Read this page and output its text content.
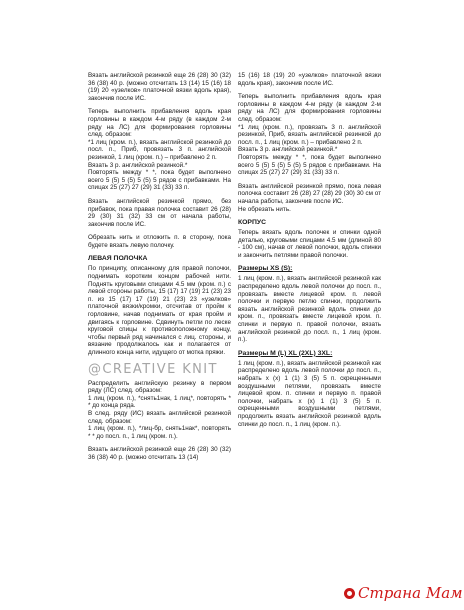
Вязать английской резинкой еще 26 (28) 30 (32) 36 (38) 40 р. (можно отсчитать 13 (14) 15 (16) 18 (19) 20 «узелков» платочной вязки вдоль края), закончив после ИС.

Теперь выполнить прибавления вдоль края горловины в каждом 4-м ряду (в каждом 2-м ряду на ЛС) для формирования горловины след. образом:
*1 лиц (кром. п.), вязать английской резинкой до посл. п., Приб, провязать 3 п. английской резинкой, 1 лиц (кром. п.) – прибавлено 2 п.
Вязать 3 р. английской резинкой.*
Повторять между * *, пока будет выполнено всего 5 (5) 5 (5) 5 (5) 5 рядов с прибавками. На спицах 25 (27) 27 (29) 31 (33) 33 п.

Вязать английской резинкой прямо, без прибавок, пока правая полочка составит 26 (28) 29 (30) 31 (32) 33 см от начала работы, закончив после ИС.

Обрезать нить и отложить п. в сторону, пока будете вязать левую полочку.

ЛЕВАЯ ПОЛОЧКА

По принципу, описанному для правой полочки, поднимать коротким концом рабочей нити. Поднять круговыми спицами 4.5 мм (кром. п.) с левой стороны работы, 15 (17) 17 (19) 21 (23) 23 п. из 15 (17) 17 (19) 21 (23) 23 «узелков» платочной вязки/кромки, отсчитав от пройм к горловине, начав поднимать от края пройм и двигаясь к горловине. Сдвинуть петли по леске круговой спицы к противоположному концу, чтобы первый ряд начинался с лиц. стороны, и вязание продолжалось как и полагается от длинного конца нити, идущего от мотка пряжи.

@CREATIVE KNIT

Распределить английскую резинку в первом ряду (ЛС) след. образом:
1 лиц (кром. п.), *снять1нак, 1 лиц*, повторять * * до конца ряда.
В след. ряду (ИС) вязать английской резинкой след. образом:
1 лиц (кром. п.), *лиц-бр, снять1нак*, повторять * * до посл. п., 1 лиц (кром. п.).

Вязать английской резинкой еще 26 (28) 30 (32) 36 (38) 40 р. (можно отсчитать 13 (14)

15 (16) 18 (19) 20 «узелков» платочной вязки вдоль края), закончив после ИС.

Теперь выполнить прибавления вдоль края горловины в каждом 4-м ряду (в каждом 2-м ряду на ЛС) для формирования горловины след. образом:
*1 лиц (кром. п.), провязать 3 п. английской резинкой, Приб, вязать английской резинкой до посл. п., 1 лиц (кром. п.) – прибавлено 2 п.
Вязать 3 р. английской резинкой.*
Повторять между * *, пока будет выполнено всего 5 (5) 5 (5) 5 (5) 5 рядов с прибавками. На спицах 25 (27) 27 (29) 31 (33) 33 п.

Вязать английской резинкой прямо, пока левая полочка составит 26 (28) 27 (28) 29 (30) 30 см от начала работы, закончив после ИС.
Не обрезать нить.

КОРПУС

Теперь вязать вдоль полочек и спинки одной деталью, круговыми спицами 4.5 мм (длиной 80 - 100 см), начав от левой полочки, вдоль спинки и закончить петлями правой полочки.

Размеры XS (S):

1 лиц (кром. п.), вязать английской резинкой как распределено вдоль левой полочки до посл. п., провязать вместе лицевой кром. п. левой полочки и первую петлю спинки, продолжить вязать английской резинкой вдоль спинки до кром. п., провязать вместе лицевой кром. п. спинки и первую п. правой полочки, вязать английской резинкой до посл. п., 1 лиц (кром. п.).

Размеры M (L) XL (2XL) 3XL:

1 лиц (кром. п.), вязать английской резинкой как распределено вдоль левой полочки до посл. п., набрать х (х) 1 (1) 3 (5) 5 п. скрещенными воздушными петлями, провязать вместе лицевой кром. п. спинки и первую п. правой полочки, набрать х (х) 1 (1) 3 (5) 5 п. скрещенными воздушными петлями, продолжить вязать английской резинкой вдоль спинки до посл. п., 1 лиц (кром. п.).

Страна Мам
